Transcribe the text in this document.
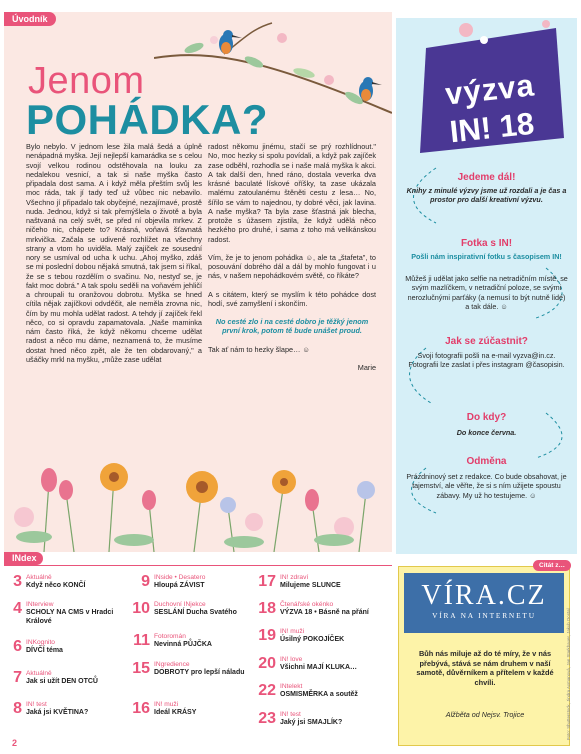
Úvodník
Jenom
POHÁDKA?

Bylo nebylo. V jednom lese žila malá šedá a úplně nenápadná myška. Její nejlepší kamarádka se s celou svojí velkou rodinou odstěhovala na louku za nedalekou vesnicí, a tak si naše myška často připadala dost sama. A i když měla přeštím svůj les moc ráda, tak jí tady teď už vůbec nic nebavilo. Všechno jí připadalo tak obyčejné, nezajímavé, prostě nuda. Jednou, když si tak přemýšlela o životě a byla naštvaná na celý svět, se před ní objevila mrkev. Z ničeho nic, chápete to? Krásná, voňavá šťavnatá mrkvička. Začala se udiveně rozhlížet na všechny strany a vtom ho uviděla. Malý zajíček ze sousední nory se usmíval od ucha k uchu. „Ahoj myško, zdáš se mi poslední dobou nějaká smutná, tak jsem si říkal, že se s tebou rozdělím o svačinu. No, nestyď se, je fakt moc dobrá." A tak spolu seděli na voňavém jehličí a chroupali tu oranžovou dobrotu. Myška se hned cítila nějak zajíčkovi odvděčit, ale neměla zrovna nic, čím by mu mohla udělat radost. A tehdy jí zajíček řekl něco, co si opravdu zapamatovala. „Naše maminka nám často říká, že když někomu chceme udělat radost a něco mu dáme, neznamená to, že musíme dostat hned něco zpět, ale že ten obdarovaný," a ušáčky mrkl na myšku, „může zase udělat

radost někomu jinému, stačí se prý rozhlídnout." No, moc hezky si spolu povídali, a když pak zajíček zase odběhl, rozhodla se i naše malá myška k akci. A tak další den, hned ráno, dostala veverka dva krásné baculaté lískové oříšky, ta zase ukázala malému zatoulanému štěněti cestu z lesa… No, šířilo se vám to najednou, ty dobré věci, jak lavina. A naše myška? Ta byla zase šťastná jak blecha, protože s úžasem zjistila, že když udělá něco hezkého pro druhé, i sama z toho má velikánskou radost.

Vím, že je to jenom pohádka ☺, ale ta „štafeta", to posouvání dobrého dál a dál by mohlo fungovat i u nás, v našem nepohádkovém světě, co říkáte?

A s citátem, který se myslím k této pohádce dost hodí, své zamyšlení i skončím.

No cesté zlo i na cesté dobro je těžký jenom první krok, potom tě bude unášet proud.

Tak ať nám to hezky šlape… ☺

Marie

výzva
IN! 18
Jedeme dál!
Knihy z minulé výzvy jsme už rozdali a je čas a prostor pro další kreativní výzvu.
Fotka s IN!
Pošli nám inspirativní fotku s časopisem IN!
Můžeš ji udělat jako selfie na netradičním místě, se svým mazlíčkem, v netradiční poloze, se svými nerozlučnými parťáky (a nemusí to být nutně lidé) a tak dále. ☺
Jak se zúčastnit?
Svoji fotografii pošli na e-mail vyzva@in.cz. Fotografii lze zaslat i přes instagram @časopisin.
Do kdy?
Do konce června.
Odměna
Prázdninový set z redakce. Co bude obsahovat, je tajemství, ale věřte, že si s ním užijete spoustu zábavy. My už ho testujeme. ☺
INdex
3 Aktuálně
Když něco KONČÍ
4 INterview
SCHOLY NA CMS v Hradci Králové
6 INKognito
DÍVČÍ téma
7 Aktuálně
Jak si užít DEN OTCŮ
8 IN! test
Jaká jsi KVĚTINA?
9 INside • Desatero
Hloupá ZÁVIST
10 Duchovní INjekce
SESLÁNÍ Ducha Svatého
11 Fotoromán
Nevinná PŮJČKA
15 INgredience
DOBROTY pro lepší náladu
16 IN! muži
Ideál KRÁSY
17 IN! zdraví
Milujeme SLUNCE
18 Čtenářské okénko
VÝZVA 18 • Básně na přání
19 IN! muži
Úsilný POKOJÍČEK
20 IN! love
Všichni MAJÍ KLUKA…
22 INtelekt
OSMISMĚRKA a soutěž
23 IN! test
Jaký jsi SMAJLÍK?
2
Citát z…
VÍRA.CZ
VÍRA NA INTERNETU
Bůh nás miluje až do té míry, že v nás přebývá, stává se nám druhem v naší samotě, důvěrníkem a přítelem v každé chvíli.
Alžběta od Nejsv. Trojice	Foto: Shutterstock, Jindra Axmanová, Jan Starkbauer, Jakub Dostal
